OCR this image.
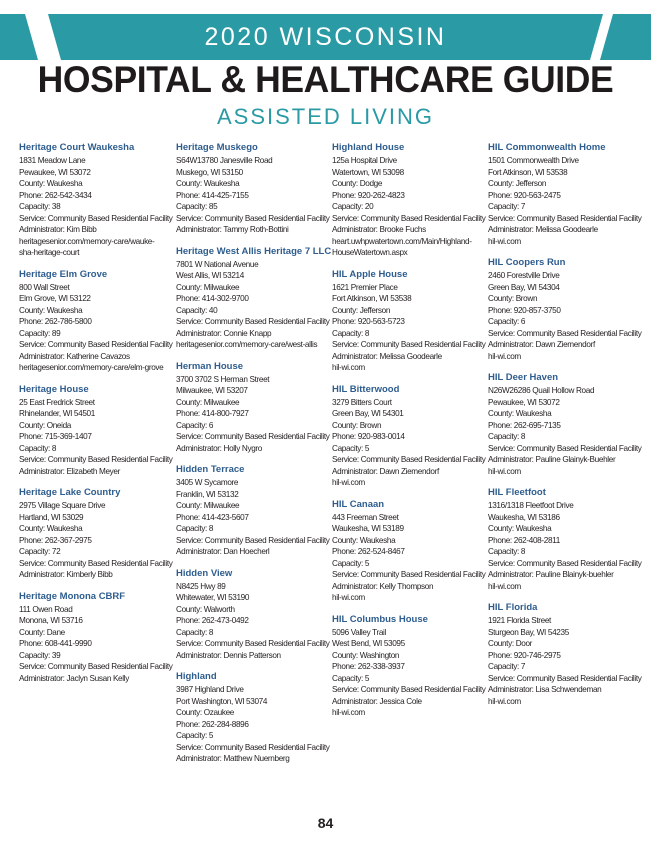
2020 WISCONSIN
HOSPITAL & HEALTHCARE GUIDE
ASSISTED LIVING
Heritage Court Waukesha
1831 Meadow Lane
Pewaukee, WI 53072
County: Waukesha
Phone: 262-542-3434
Capacity: 38
Service: Community Based Residential Facility
Administrator: Kim Bibb
heritagesenior.com/memory-care/wauke-
sha-heritage-court
Heritage Elm Grove
800 Wall Street
Elm Grove, WI 53122
County: Waukesha
Phone: 262-786-5800
Capacity: 89
Service: Community Based Residential Facility
Administrator: Katherine Cavazos
heritagesenior.com/memory-care/elm-grove
Heritage House
25 East Fredrick Street
Rhinelander, WI 54501
County: Oneida
Phone: 715-369-1407
Capacity: 8
Service: Community Based Residential Facility
Administrator: Elizabeth Meyer
Heritage Lake Country
2975 Village Square Drive
Hartland, WI 53029
County: Waukesha
Phone: 262-367-2975
Capacity: 72
Service: Community Based Residential Facility
Administrator: Kimberly Bibb
Heritage Monona CBRF
111 Owen Road
Monona, WI 53716
County: Dane
Phone: 608-441-9990
Capacity: 39
Service: Community Based Residential Facility
Administrator: Jaclyn Susan Kelly
Heritage Muskego
S64W13780 Janesville Road
Muskego, WI 53150
County: Waukesha
Phone: 414-425-7155
Capacity: 85
Service: Community Based Residential Facility
Administrator: Tammy Roth-Bottini
Heritage West Allis Heritage 7 LLC
7801 W National Avenue
West Allis, WI 53214
County: Milwaukee
Phone: 414-302-9700
Capacity: 40
Service: Community Based Residential Facility
Administrator: Connie Knapp
heritagesenior.com/memory-care/west-allis
Herman House
3700 3702 S Herman Street
Milwaukee, WI 53207
County: Milwaukee
Phone: 414-800-7927
Capacity: 6
Service: Community Based Residential Facility
Administrator: Holly Nygro
Hidden Terrace
3405 W Sycamore
Franklin, WI 53132
County: Milwaukee
Phone: 414-423-5607
Capacity: 8
Service: Community Based Residential Facility
Administrator: Dan Hoecherl
Hidden View
N8425 Hwy 89
Whitewater, WI 53190
County: Walworth
Phone: 262-473-0492
Capacity: 8
Service: Community Based Residential Facility
Administrator: Dennis Patterson
Highland
3987 Highland Drive
Port Washington, WI 53074
County: Ozaukee
Phone: 262-284-8896
Capacity: 5
Service: Community Based Residential Facility
Administrator: Matthew Nuernberg
Highland House
125a Hospital Drive
Watertown, WI 53098
County: Dodge
Phone: 920-262-4823
Capacity: 20
Service: Community Based Residential Facility
Administrator: Brooke Fuchs
heart.uwhpwatertown.com/Main/Highland-
HouseWatertown.aspx
HIL Apple House
1621 Premier Place
Fort Atkinson, WI 53538
County: Jefferson
Phone: 920-563-5723
Capacity: 8
Service: Community Based Residential Facility
Administrator: Melissa Goodearle
hil-wi.com
HIL Bitterwood
3279 Bitters Court
Green Bay, WI 54301
County: Brown
Phone: 920-983-0014
Capacity: 5
Service: Community Based Residential Facility
Administrator: Dawn Ziemendorf
hil-wi.com
HIL Canaan
443 Freeman Street
Waukesha, WI 53189
County: Waukesha
Phone: 262-524-8467
Capacity: 5
Service: Community Based Residential Facility
Administrator: Kelly Thompson
hil-wi.com
HIL Columbus House
5096 Valley Trail
West Bend, WI 53095
County: Washington
Phone: 262-338-3937
Capacity: 5
Service: Community Based Residential Facility
Administrator: Jessica Cole
hil-wi.com
HIL Commonwealth Home
1501 Commonwealth Drive
Fort Atkinson, WI 53538
County: Jefferson
Phone: 920-563-2475
Capacity: 7
Service: Community Based Residential Facility
Administrator: Melissa Goodearle
hil-wi.com
HIL Coopers Run
2460 Forestville Drive
Green Bay, WI 54304
County: Brown
Phone: 920-857-3750
Capacity: 6
Service: Community Based Residential Facility
Administrator: Dawn Ziemendorf
hil-wi.com
HIL Deer Haven
N26W26286 Quail Hollow Road
Pewaukee, WI 53072
County: Waukesha
Phone: 262-695-7135
Capacity: 8
Service: Community Based Residential Facility
Administrator: Pauline Glainyk-Buehler
hil-wi.com
HIL Fleetfoot
1316/1318 Fleetfoot Drive
Waukesha, WI 53186
County: Waukesha
Phone: 262-408-2811
Capacity: 8
Service: Community Based Residential Facility
Administrator: Pauline Blainyk-buehler
hil-wi.com
HIL Florida
1921 Florida Street
Sturgeon Bay, WI 54235
County: Door
Phone: 920-746-2975
Capacity: 7
Service: Community Based Residential Facility
Administrator: Lisa Schwendeman
hil-wi.com
84
